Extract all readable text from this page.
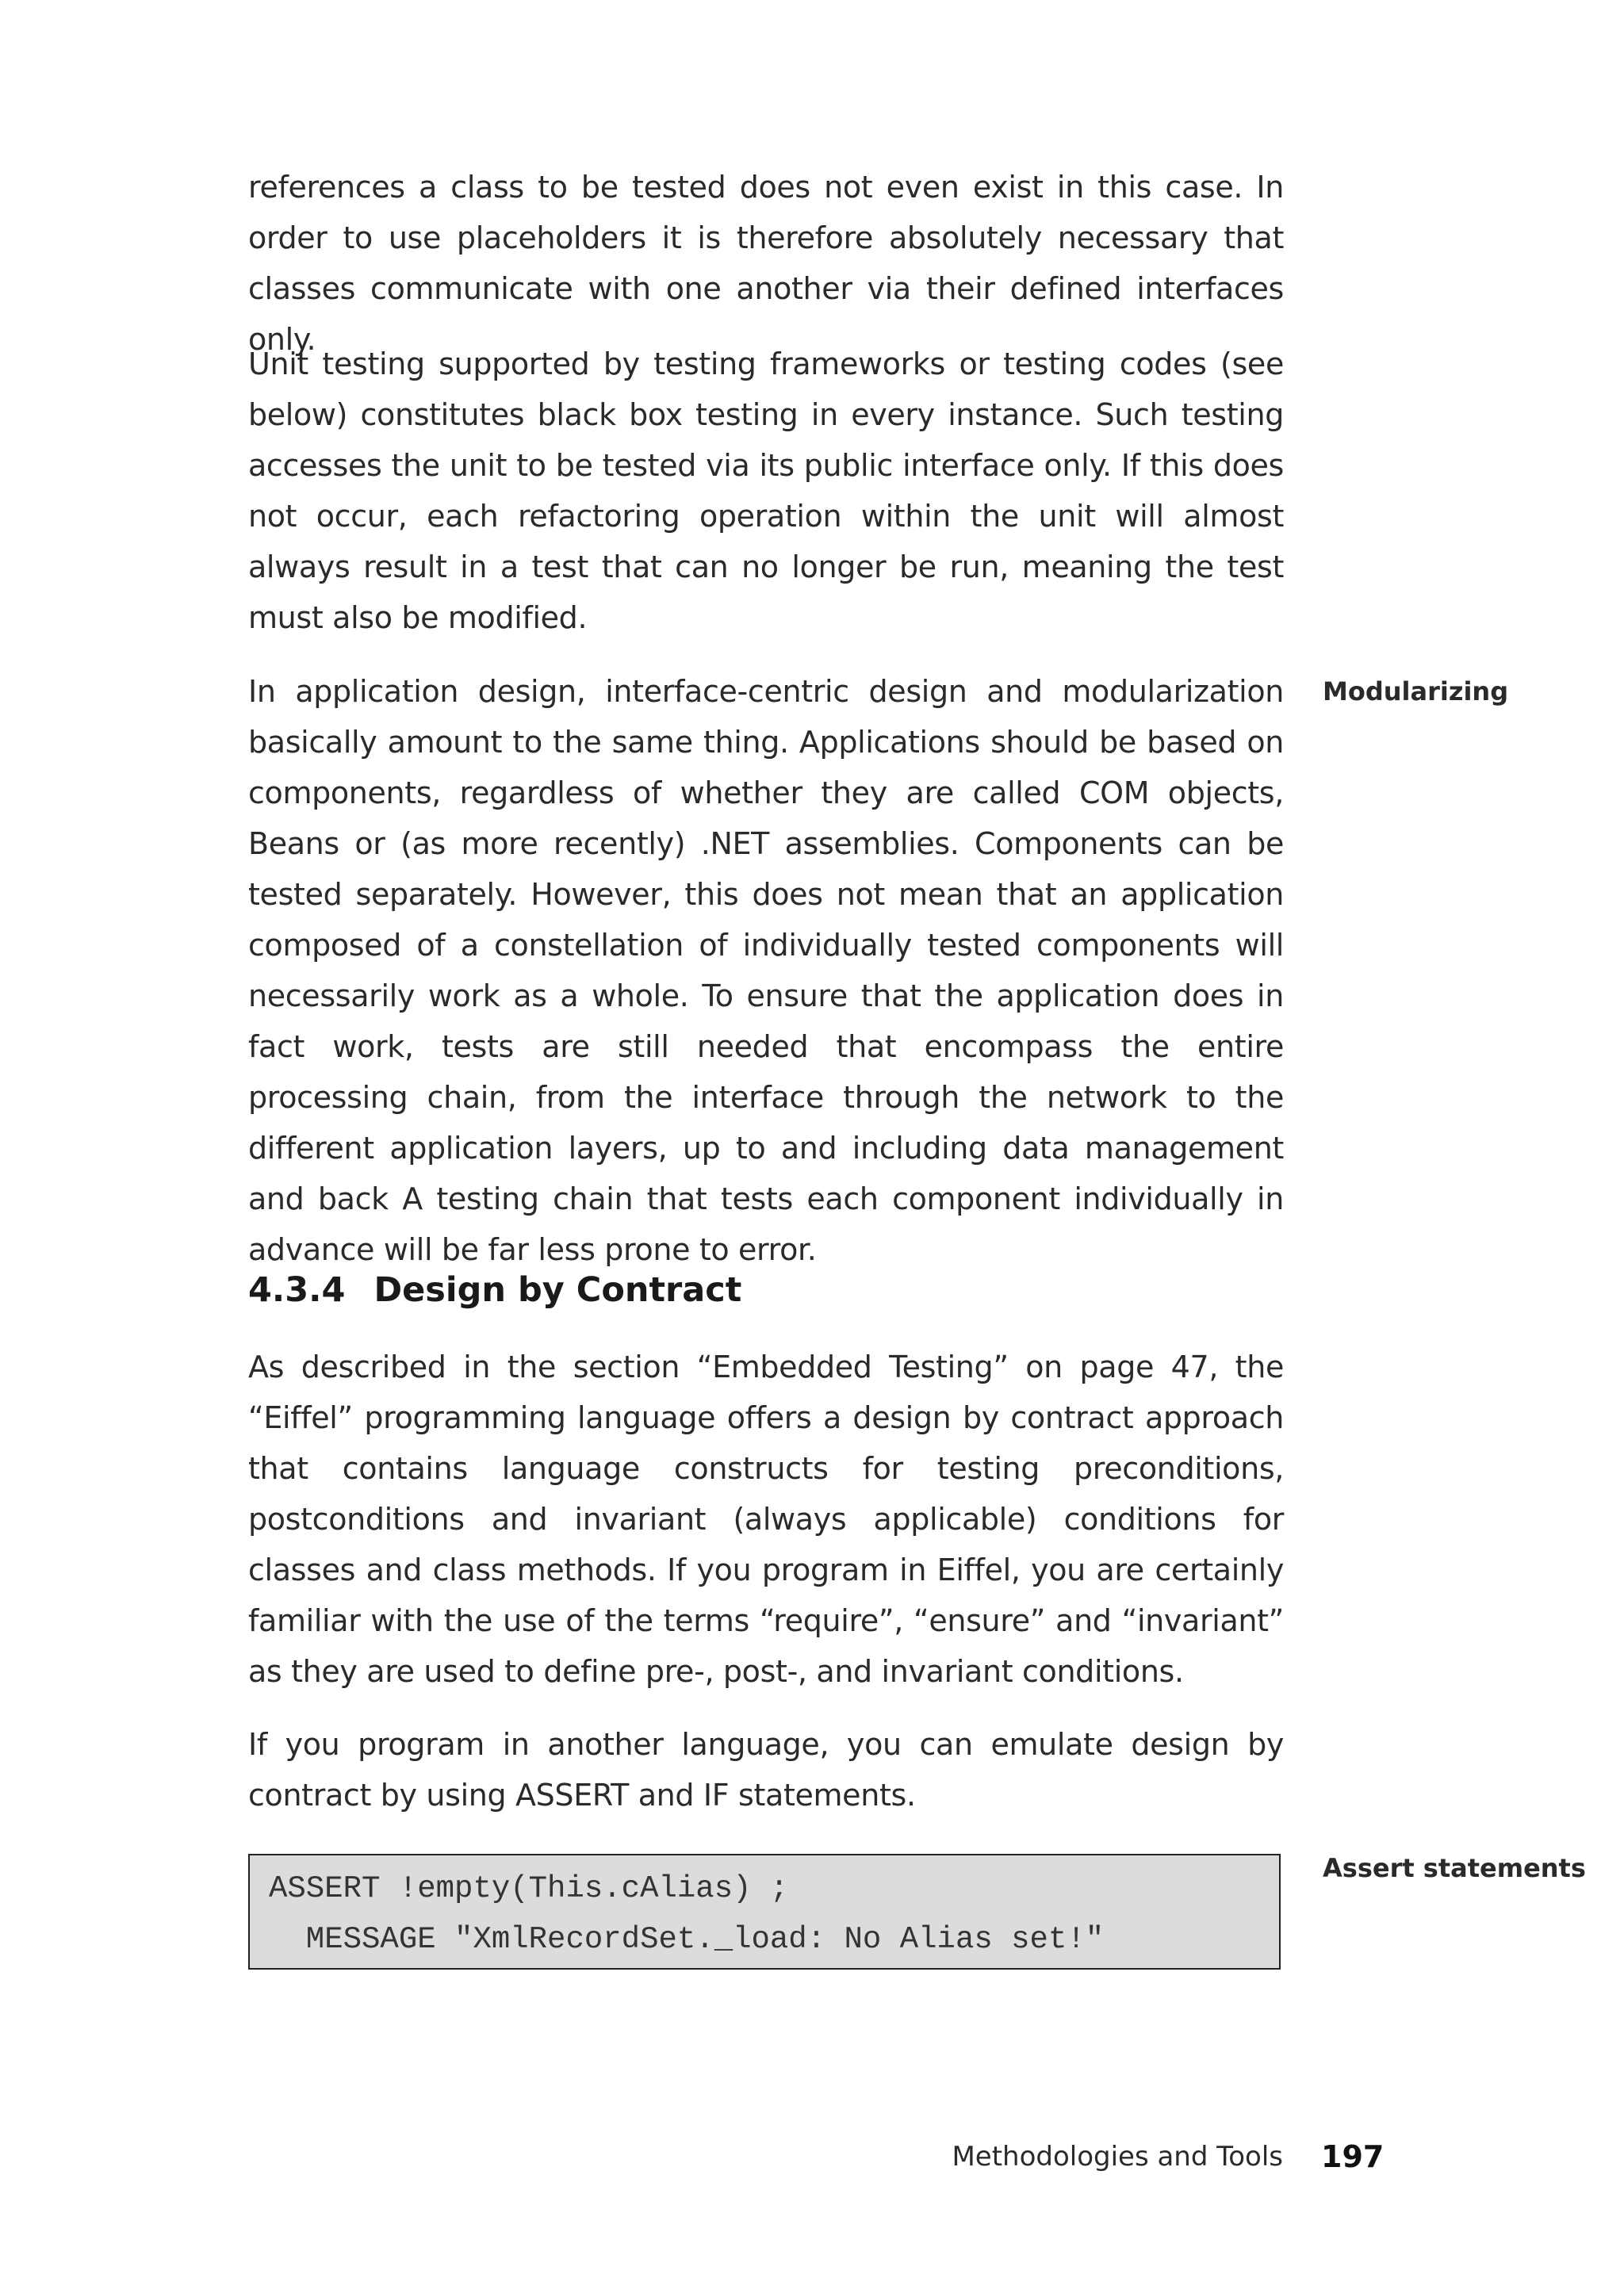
references a class to be tested does not even exist in this case. In order to use placeholders it is therefore absolutely necessary that classes communicate with one another via their defined interfaces only.

Unit testing supported by testing frameworks or testing codes (see below) constitutes black box testing in every instance. Such testing accesses the unit to be tested via its public interface only. If this does not occur, each refactoring operation within the unit will almost always result in a test that can no longer be run, meaning the test must also be modified.

In application design, interface-centric design and modularization basically amount to the same thing. Applications should be based on components, regardless of whether they are called COM objects, Beans or (as more recently) .NET assemblies. Components can be tested separately. However, this does not mean that an application composed of a constellation of individually tested components will necessarily work as a whole. To ensure that the application does in fact work, tests are still needed that encompass the entire processing chain, from the interface through the network to the different application layers, up to and including data management and back A testing chain that tests each component individually in advance will be far less prone to error.

Modularizing
4.3.4 Design by Contract

As described in the section “Embedded Testing” on page 47, the “Eiffel” programming language offers a design by contract approach that contains language constructs for testing preconditions, postconditions and invariant (always applicable) conditions for classes and class methods. If you program in Eiffel, you are certainly familiar with the use of the terms “require”, “ensure” and “invariant” as they are used to define pre-, post-, and invariant conditions.

If you program in another language, you can emulate design by contract by using ASSERT and IF statements.

Assert statements
ASSERT !empty(This.cAlias) ;
MESSAGE "XmlRecordSet._load: No Alias set!"
Methodologies and Tools 197
